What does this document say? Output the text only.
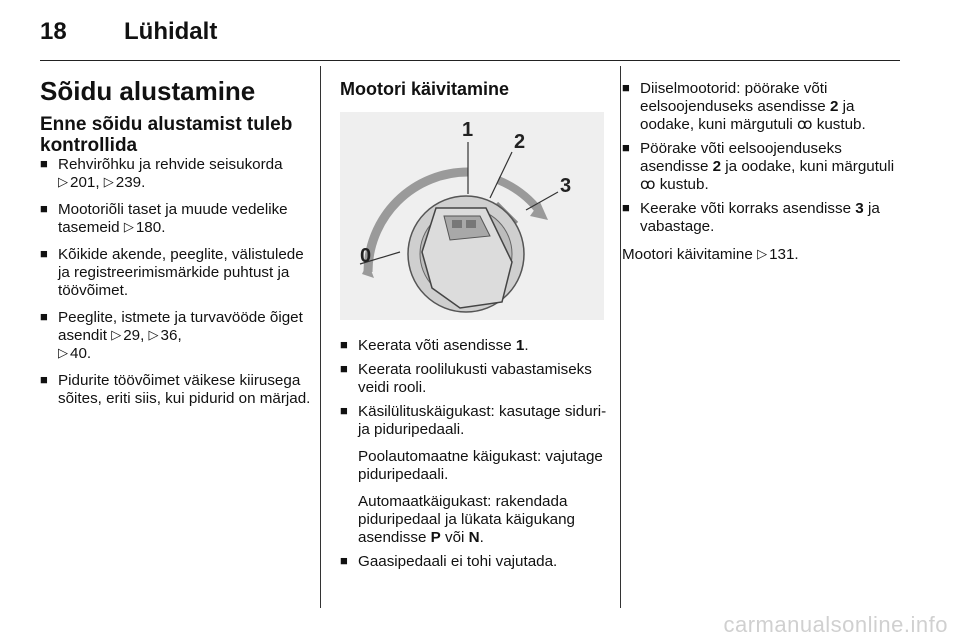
18 Lühidalt
Sõidu alustamine
Enne sõidu alustamist tuleb kontrollida
■ Rehvirõhku ja rehvide seisukorda
▷ 201, ▷ 239.
■ Mootoriõli taset ja muude vedelike tasemeid ▷ 180.
■ Kõikide akende, peeglite, välistulede ja registreerimismärkide puhtust ja töövõimet.
■ Peeglite, istmete ja turvavööde õiget asendit ▷ 29, ▷ 36,
▷ 40.
■ Pidurite töövõimet väikese kiirusega sõites, eriti siis, kui pidurid on märjad.
Mootori käivitamine
0
1
2
3
■ Keerata võti asendisse 1.
■ Keerata roolilukusti vabastamiseks veidi rooli.
■ Käsilülituskäigukast: kasutage siduri- ja piduripedaali.
Poolautomaatne käigukast: vajutage piduripedaali.
Automaatkäigukast: rakendada piduripedaal ja lükata käigukang asendisse P või N.
■ Gaasipedaali ei tohi vajutada.
■ Diiselmootorid: pöörake võti eelsoojenduseks asendisse 2 ja oodake, kuni märgutuli ꝏ kustub.
■ Pöörake võti eelsoojenduseks asendisse 2 ja oodake, kuni märgutuli ꝏ kustub.
■ Keerake võti korraks asendisse 3 ja vabastage.
Mootori käivitamine ▷ 131.
carmanualsonline.info
